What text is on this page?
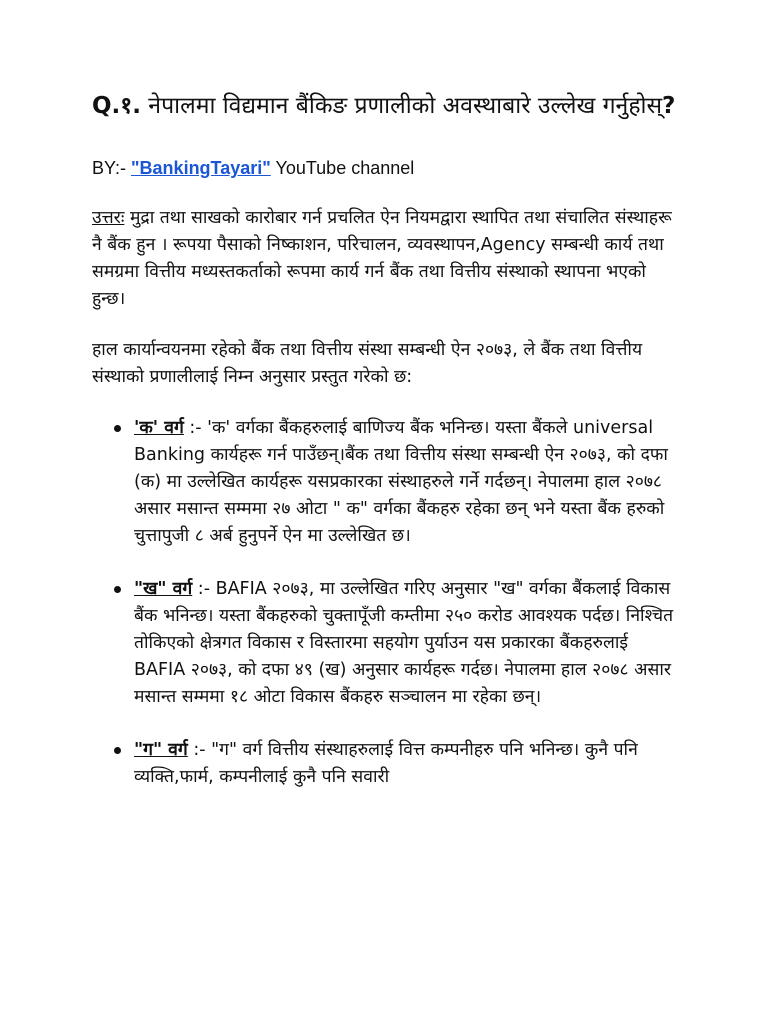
Q.१. नेपालमा विद्यमान बैंकिङ प्रणालीको अवस्थाबारे उल्लेख गर्नुहोस्?

BY:- "BankingTayari" YouTube channel

उत्तरः मुद्रा तथा साखको कारोबार गर्न प्रचलित ऐन नियमद्वारा स्थापित तथा संचालित संस्थाहरू नै बैंक हुन । रूपया पैसाको निष्काशन, परिचालन, व्यवस्थापन,Agency सम्बन्धी कार्य तथा समग्रमा वित्तीय मध्यस्तकर्ताको रूपमा कार्य गर्न बैंक तथा वित्तीय संस्थाको स्थापना भएको हुन्छ।

हाल कार्यान्वयनमा रहेको बैंक तथा वित्तीय संस्था सम्बन्धी ऐन २०७३, ले बैंक तथा वित्तीय संस्थाको प्रणालीलाई निम्न अनुसार प्रस्तुत गरेको छ:

'क' वर्ग :- 'क' वर्गका बैंकहरुलाई बाणिज्य बैंक भनिन्छ। यस्ता बैंकले universal Banking कार्यहरू गर्न पाउँछन्।बैंक तथा वित्तीय संस्था सम्बन्धी ऐन २०७३, को दफा (क) मा उल्लेखित कार्यहरू यसप्रकारका संस्थाहरुले गर्ने गर्दछन्। नेपालमा हाल २०७८ असार मसान्त सम्ममा २७ ओटा " क" वर्गका बैंकहरु रहेका छन् भने यस्ता बैंक हरुको चुत्तापुजी ८ अर्ब हुनुपर्ने ऐन मा उल्लेखित छ।
"ख" वर्ग :- BAFIA २०७३, मा उल्लेखित गरिए अनुसार "ख" वर्गका बैंकलाई विकास बैंक भनिन्छ। यस्ता बैंकहरुको चुक्तापूँजी कम्तीमा २५० करोड आवश्यक पर्दछ। निश्चित तोकिएको क्षेत्रगत विकास र विस्तारमा सहयोग पुर्याउन यस प्रकारका बैंकहरुलाई BAFIA २०७३, को दफा ४९ (ख) अनुसार कार्यहरू गर्दछ। नेपालमा हाल २०७८ असार मसान्त सम्ममा १८ ओटा विकास बैंकहरु सञ्चालन मा रहेका छन्।
"ग" वर्ग :- "ग" वर्ग वित्तीय संस्थाहरुलाई वित्त कम्पनीहरु पनि भनिन्छ। कुनै पनि व्यक्ति,फार्म, कम्पनीलाई कुनै पनि सवारी
